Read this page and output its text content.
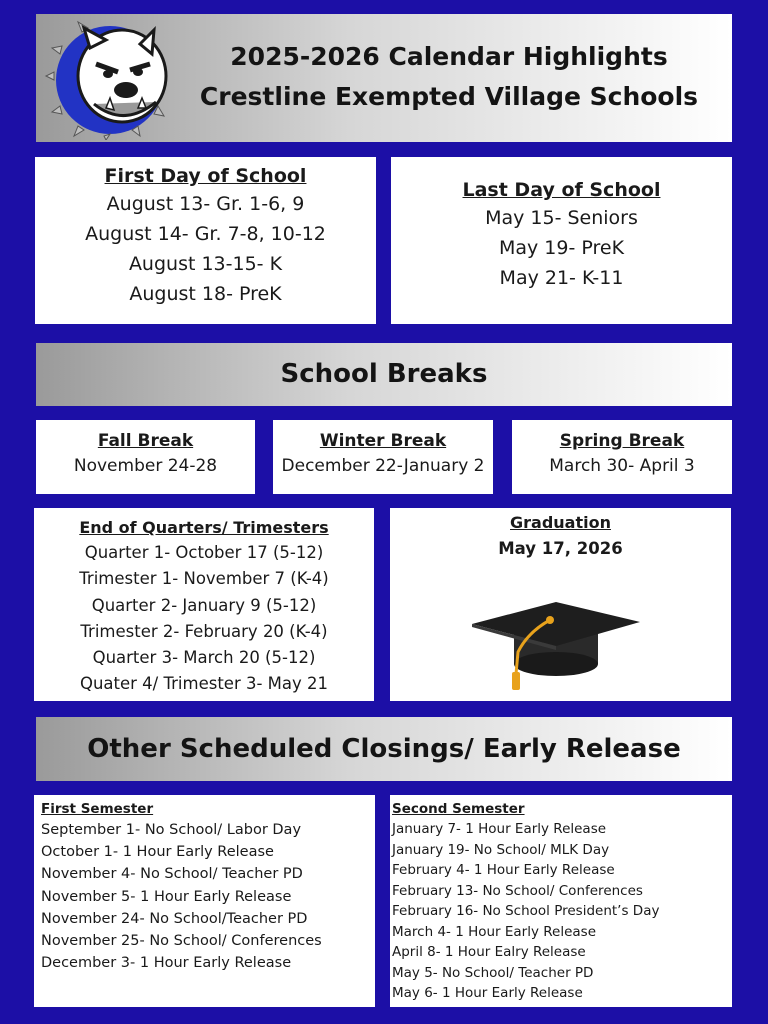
2025-2026 Calendar Highlights
Crestline Exempted Village Schools
First Day of School
August 13- Gr. 1-6, 9
August 14- Gr. 7-8, 10-12
August 13-15- K
August 18- PreK
Last Day of School
May 15- Seniors
May 19- PreK
May 21- K-11
School Breaks
Fall Break
November 24-28
Winter Break
December 22-January 2
Spring Break
March 30- April 3
End of Quarters/ Trimesters
Quarter 1- October 17 (5-12)
Trimester 1- November 7 (K-4)
Quarter 2- January 9 (5-12)
Trimester 2- February 20 (K-4)
Quarter 3- March 20 (5-12)
Quater 4/ Trimester 3- May 21
Graduation
May 17, 2026
Other Scheduled Closings/ Early Release
First Semester
September 1- No School/ Labor Day
October 1- 1 Hour Early Release
November 4- No School/ Teacher PD
November 5- 1 Hour Early Release
November 24- No School/Teacher PD
November 25- No School/ Conferences
December 3- 1 Hour Early Release
Second Semester
January 7- 1 Hour Early Release
January 19- No School/ MLK Day
February 4- 1 Hour Early Release
February 13- No School/ Conferences
February 16- No School President’s Day
March 4- 1 Hour Early Release
April 8- 1 Hour Ealry Release
May 5- No School/ Teacher PD
May 6- 1 Hour Early Release
